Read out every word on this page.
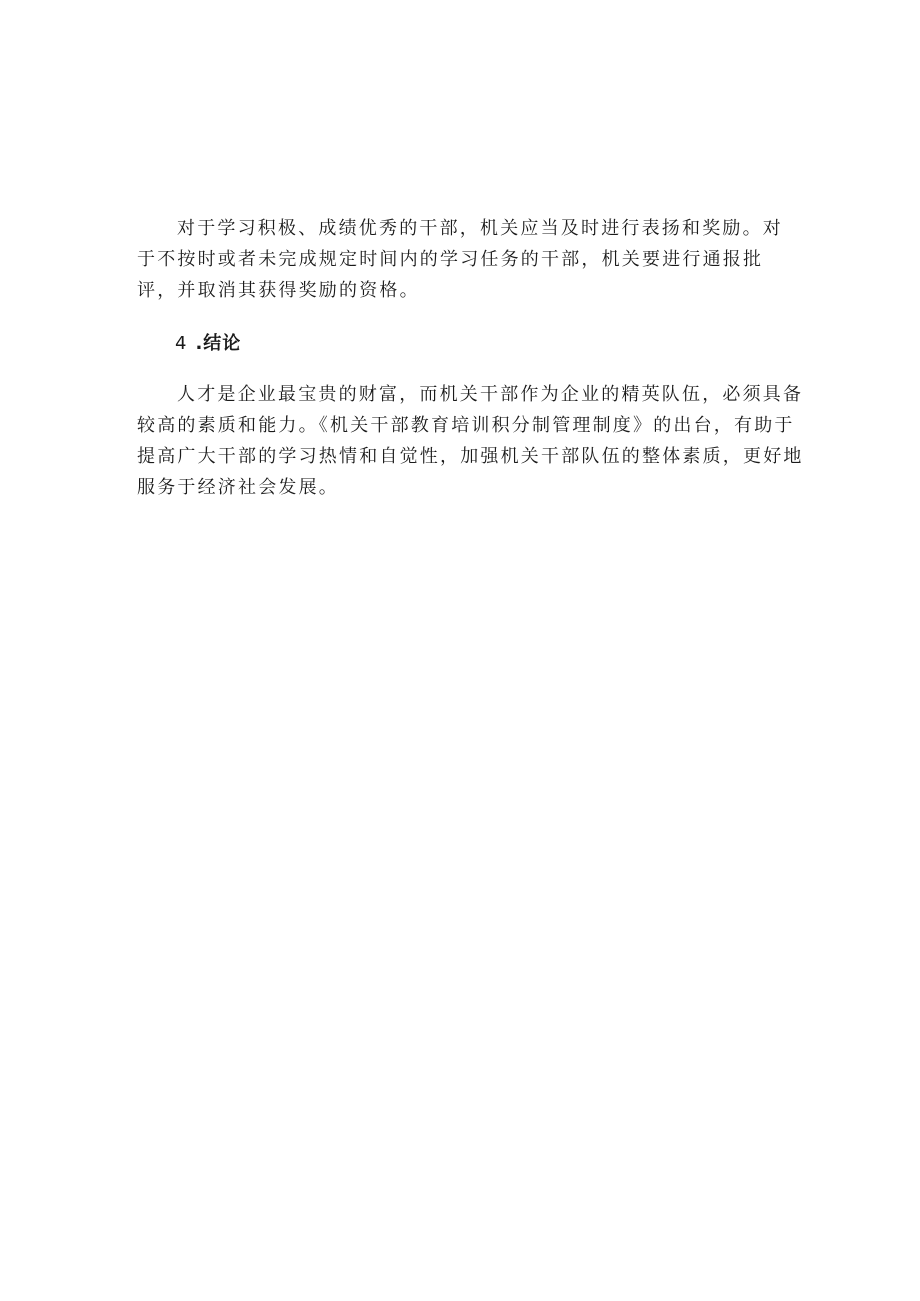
对于学习积极、成绩优秀的干部，机关应当及时进行表扬和奖励。对
于不按时或者未完成规定时间内的学习任务的干部，机关要进行通报批
评，并取消其获得奖励的资格。
4 .结论
人才是企业最宝贵的财富，而机关干部作为企业的精英队伍，必须具备
较高的素质和能力。《机关干部教育培训积分制管理制度》的出台，有助于
提高广大干部的学习热情和自觉性，加强机关干部队伍的整体素质，更好地
服务于经济社会发展。
